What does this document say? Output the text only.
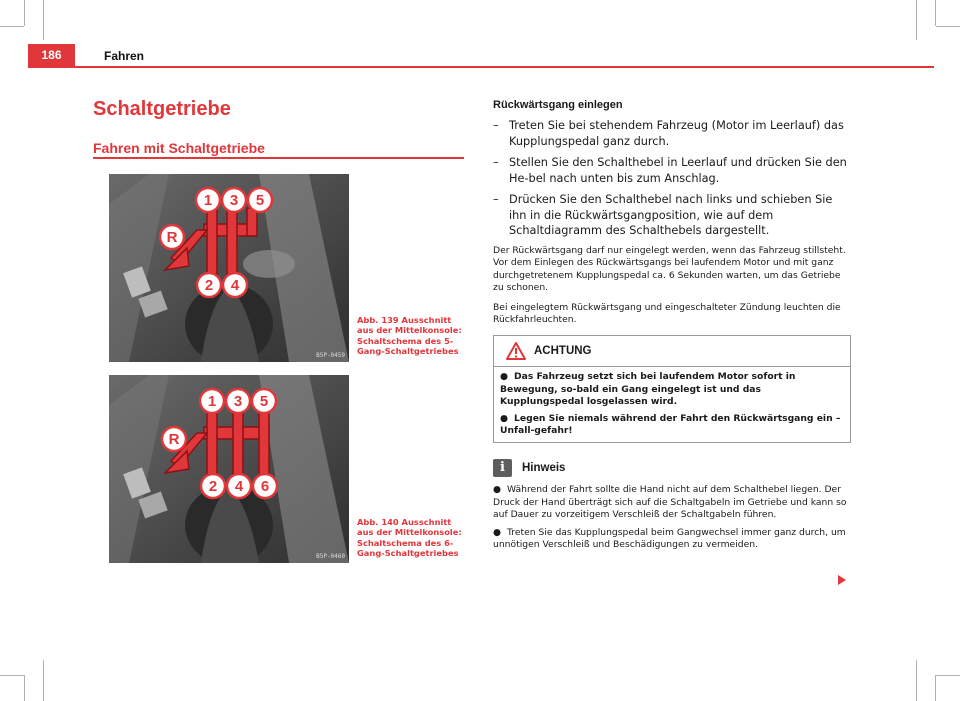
186	Fahren
Schaltgetriebe
Fahren mit Schaltgetriebe
1 3 5
R
2 4
B5P-0459
Abb. 139 Ausschnitt aus der Mittelkonsole: Schaltschema des 5-Gang-Schaltgetriebes
1 3 5
R
2 4 6
B5P-0460
Abb. 140 Ausschnitt aus der Mittelkonsole: Schaltschema des 6-Gang-Schaltgetriebes
Rückwärtsgang einlegen
– Treten Sie bei stehendem Fahrzeug (Motor im Leerlauf) das Kupplungspedal ganz durch.
– Stellen Sie den Schalthebel in Leerlauf und drücken Sie den He-bel nach unten bis zum Anschlag.
– Drücken Sie den Schalthebel nach links und schieben Sie ihn in die Rückwärtsgangposition, wie auf dem Schaltdiagramm des Schalthebels dargestellt.

Der Rückwärtsgang darf nur eingelegt werden, wenn das Fahrzeug stillsteht. Vor dem Einlegen des Rückwärtsgangs bei laufendem Motor und mit ganz durchgetretenem Kupplungspedal ca. 6 Sekunden warten, um das Getriebe zu schonen.

Bei eingelegtem Rückwärtsgang und eingeschalteter Zündung leuchten die Rückfahrleuchten.

ACHTUNG
● Das Fahrzeug setzt sich bei laufendem Motor sofort in Bewegung, so-bald ein Gang eingelegt ist und das Kupplungspedal losgelassen wird.
● Legen Sie niemals während der Fahrt den Rückwärtsgang ein – Unfall-gefahr!
i	Hinweis
● Während der Fahrt sollte die Hand nicht auf dem Schalthebel liegen. Der Druck der Hand überträgt sich auf die Schaltgabeln im Getriebe und kann so auf Dauer zu vorzeitigem Verschleiß der Schaltgabeln führen.
● Treten Sie das Kupplungspedal beim Gangwechsel immer ganz durch, um unnötigen Verschleiß und Beschädigungen zu vermeiden.
